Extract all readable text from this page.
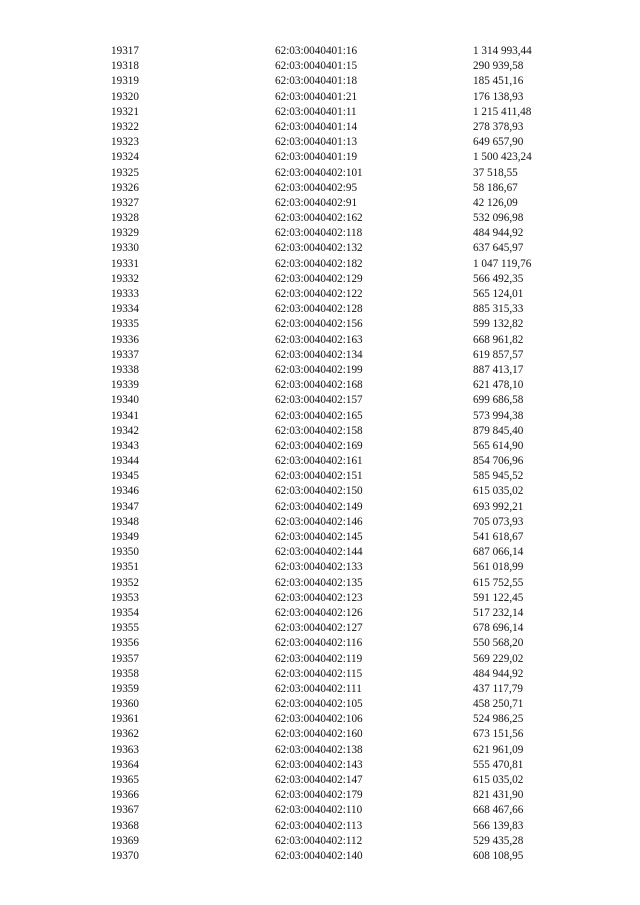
19317	62:03:0040401:16	1 314 993,44
19318	62:03:0040401:15	290 939,58
19319	62:03:0040401:18	185 451,16
19320	62:03:0040401:21	176 138,93
19321	62:03:0040401:11	1 215 411,48
19322	62:03:0040401:14	278 378,93
19323	62:03:0040401:13	649 657,90
19324	62:03:0040401:19	1 500 423,24
19325	62:03:0040402:101	37 518,55
19326	62:03:0040402:95	58 186,67
19327	62:03:0040402:91	42 126,09
19328	62:03:0040402:162	532 096,98
19329	62:03:0040402:118	484 944,92
19330	62:03:0040402:132	637 645,97
19331	62:03:0040402:182	1 047 119,76
19332	62:03:0040402:129	566 492,35
19333	62:03:0040402:122	565 124,01
19334	62:03:0040402:128	885 315,33
19335	62:03:0040402:156	599 132,82
19336	62:03:0040402:163	668 961,82
19337	62:03:0040402:134	619 857,57
19338	62:03:0040402:199	887 413,17
19339	62:03:0040402:168	621 478,10
19340	62:03:0040402:157	699 686,58
19341	62:03:0040402:165	573 994,38
19342	62:03:0040402:158	879 845,40
19343	62:03:0040402:169	565 614,90
19344	62:03:0040402:161	854 706,96
19345	62:03:0040402:151	585 945,52
19346	62:03:0040402:150	615 035,02
19347	62:03:0040402:149	693 992,21
19348	62:03:0040402:146	705 073,93
19349	62:03:0040402:145	541 618,67
19350	62:03:0040402:144	687 066,14
19351	62:03:0040402:133	561 018,99
19352	62:03:0040402:135	615 752,55
19353	62:03:0040402:123	591 122,45
19354	62:03:0040402:126	517 232,14
19355	62:03:0040402:127	678 696,14
19356	62:03:0040402:116	550 568,20
19357	62:03:0040402:119	569 229,02
19358	62:03:0040402:115	484 944,92
19359	62:03:0040402:111	437 117,79
19360	62:03:0040402:105	458 250,71
19361	62:03:0040402:106	524 986,25
19362	62:03:0040402:160	673 151,56
19363	62:03:0040402:138	621 961,09
19364	62:03:0040402:143	555 470,81
19365	62:03:0040402:147	615 035,02
19366	62:03:0040402:179	821 431,90
19367	62:03:0040402:110	668 467,66
19368	62:03:0040402:113	566 139,83
19369	62:03:0040402:112	529 435,28
19370	62:03:0040402:140	608 108,95
